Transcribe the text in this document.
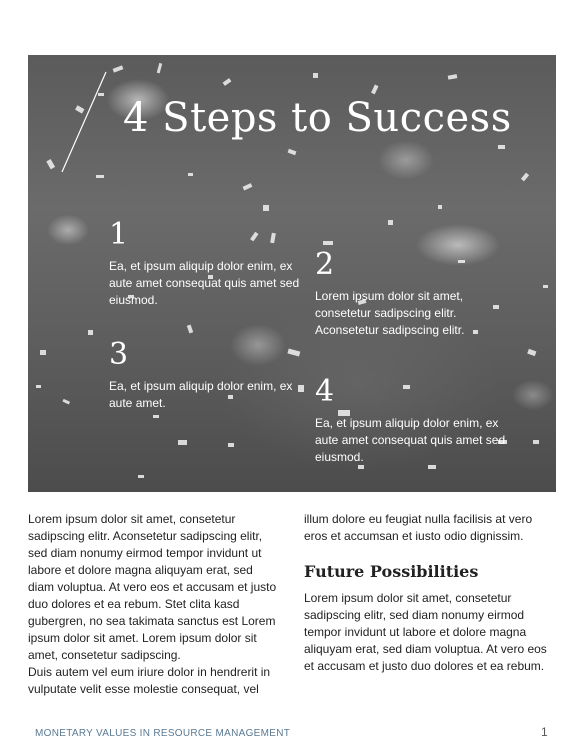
4 Steps to Success
1
Ea, et ipsum aliquip dolor enim, ex aute amet consequat quis amet sed eiusmod.
2
Lorem ipsum dolor sit amet, consetetur sadipscing elitr. Aconsetetur sadipscing elitr.
3
Ea, et ipsum aliquip dolor enim, ex aute amet.	4
Ea, et ipsum aliquip dolor enim, ex aute amet consequat quis amet sed eiusmod.

Lorem ipsum dolor sit amet, consetetur sadipscing elitr. Aconsetetur sadipscing elitr, sed diam nonumy eirmod tempor invidunt ut labore et dolore magna aliquyam erat, sed diam voluptua. At vero eos et accusam et justo duo dolores et ea rebum. Stet clita kasd gubergren, no sea takimata sanctus est Lorem ipsum dolor sit amet. Lorem ipsum dolor sit amet, consetetur sadipscing.

Duis autem vel eum iriure dolor in hendrerit in vulputate velit esse molestie consequat, vel

illum dolore eu feugiat nulla facilisis at vero eros et accumsan et iusto odio dignissim.

Future Possibilities

Lorem ipsum dolor sit amet, consetetur sadipscing elitr, sed diam nonumy eirmod tempor invidunt ut labore et dolore magna aliquyam erat, sed diam voluptua. At vero eos et accusam et justo duo dolores et ea rebum.

MONETARY VALUES IN RESOURCE MANAGEMENT	1
